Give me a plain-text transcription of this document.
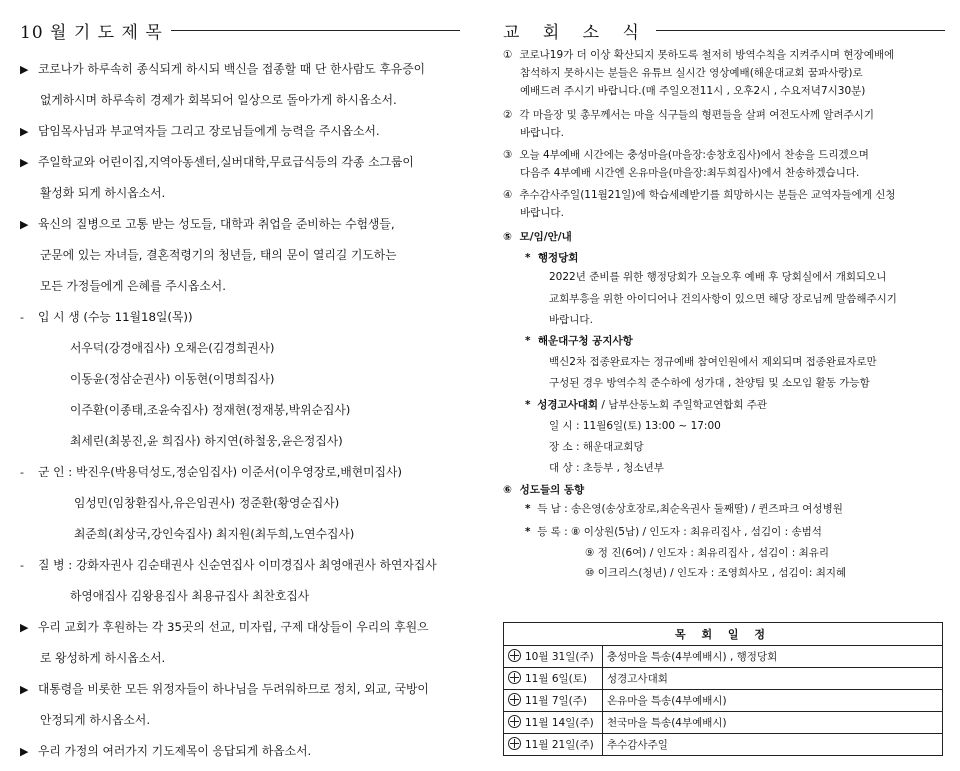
10 월 기 도 제 목
▶ 코로나가 하루속히 종식되게 하시되 백신을 접종할 때 단 한사람도 후유증이
없게하시며 하루속히 경제가 회복되어 일상으로 돌아가게 하시옵소서.
▶ 담임목사님과 부교역자들 그리고 장로님들에게 능력을 주시옵소서.
▶ 주일학교와 어린이집,지역아동센터,실버대학,무료급식등의 각종 소그룹이
활성화 되게 하시옵소서.
▶ 육신의 질병으로 고통 받는 성도들, 대학과 취업을 준비하는 수험생들,
군문에 있는 자녀들, 결혼적령기의 청년들, 태의 문이 열리길 기도하는
모든 가정들에게 은혜를 주시옵소서.
- 입 시 생 (수능 11월18일(목))
서우덕(강경애집사) 오채은(김경희권사)
이동윤(정삼순권사) 이동현(이명희집사)
이주환(이종태,조윤숙집사) 정재현(정재봉,박위순집사)
최세린(최봉진,윤 희집사) 하지연(하철웅,윤은정집사)
- 군 인 : 박진우(박용덕성도,정순임집사) 이준서(이우영장로,배현미집사)
임성민(임창환집사,유은임권사) 정준환(황영순집사)
최준희(최상국,강인숙집사) 최지원(최두희,노연수집사)
- 질 병 : 강화자권사 김순태권사 신순연집사 이미경집사 최영애권사 하연자집사
하영애집사 김왕용집사 최용규집사 최찬호집사
▶ 우리 교회가 후원하는 각 35곳의 선교, 미자립, 구제 대상들이 우리의 후원으
로 왕성하게 하시옵소서.
▶ 대통령을 비롯한 모든 위정자들이 하나님을 두려워하므로 정치, 외교, 국방이
안정되게 하시옵소서.
▶ 우리 가정의 여러가지 기도제목이 응답되게 하옵소서.
교 회 소 식
① 코로나19가 더 이상 확산되지 못하도록 철저히 방역수칙을 지켜주시며 현장예배에
참석하지 못하시는 분들은 유튜브 실시간 영상예배(해운대교회 꿈파사랑)로
예배드려 주시기 바랍니다.(매 주일오전11시 , 오후2시 , 수요저녁7시30분)
② 각 마을장 및 총무께서는 마을 식구들의 형편들을 살펴 여전도사께 알려주시기
바랍니다.
③ 오늘 4부예배 시간에는 충성마을(마을장:송창호집사)에서 찬송을 드리겠으며
다음주 4부예배 시간엔 온유마을(마을장:최두희집사)에서 찬송하겠습니다.
④ 추수감사주일(11월21일)에 학습세례받기를 희망하시는 분들은 교역자들에게 신청
바랍니다.
⑤ 모/임/안/내
* 행정당회
2022년 준비를 위한 행정당회가 오늘오후 예배 후 당회실에서 개회되오니
교회부흥을 위한 아이디어나 건의사항이 있으면 해당 장로님께 말씀해주시기
바랍니다.
* 해운대구청 공지사항
백신2차 접종완료자는 정규예배 참여인원에서 제외되며 접종완료자로만
구성된 경우 방역수칙 준수하에 성가대 , 찬양팀 및 소모임 활동 가능함
* 성경고사대회 / 남부산동노회 주일학교연합회 주관
일 시 : 11월6일(토) 13:00 ~ 17:00
장 소 : 해운대교회당
대 상 : 초등부 , 청소년부
⑥ 성도들의 동향
* 득 남 : 송은영(송상호장로,최순옥권사 둘째딸) / 퀸즈파크 여성병원
* 등 록 : ⑧ 이상원(5남) / 인도자 : 최유리집사 , 섬김이 : 송범석
⑨ 정 진(6여) / 인도자 : 최유리집사 , 섬김이 : 최유리
⑩ 이크리스(청년) / 인도자 : 조영희사모 , 섬김이: 최지혜
목 회 일 정	
10월 31일(주)	충성마을 특송(4부예배시) , 행정당회
11월 6일(토)	성경고사대회
11월 7일(주)	온유마을 특송(4부예배시)
11월 14일(주)	천국마을 특송(4부예배시)
11월 21일(주)	추수감사주일
